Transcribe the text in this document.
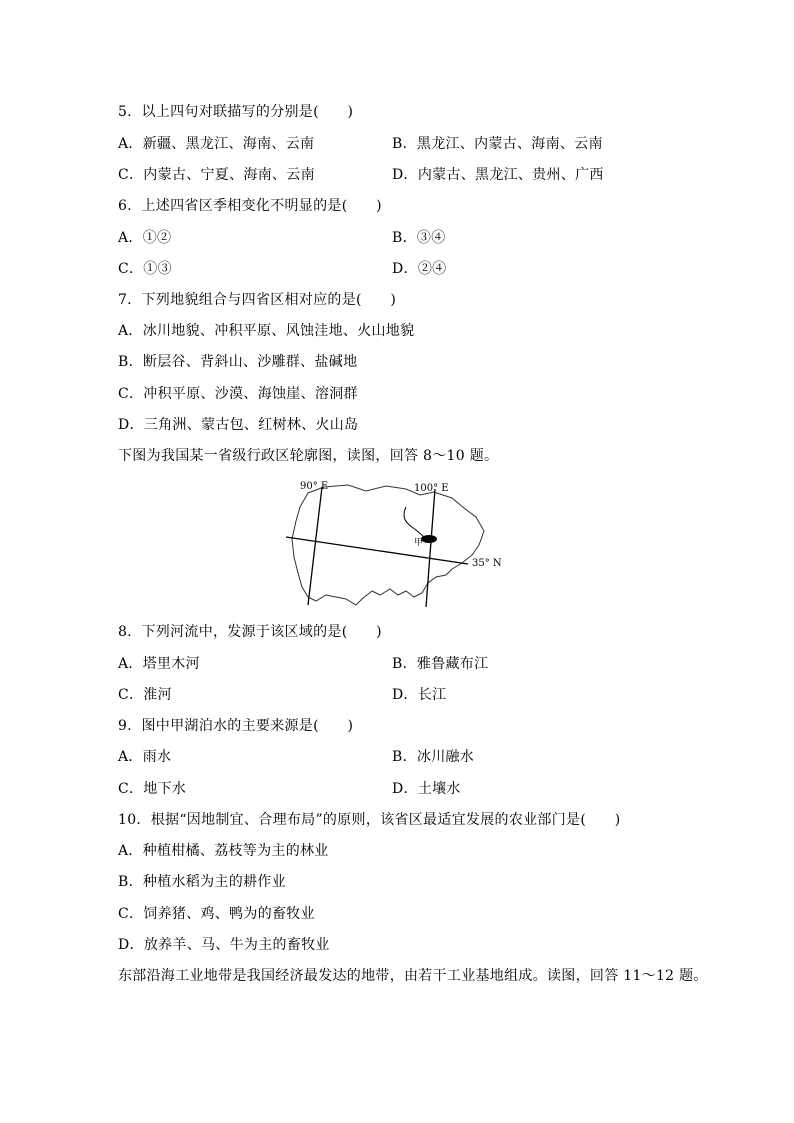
5．以上四句对联描写的分别是(　　)
A．新疆、黑龙江、海南、云南	B．黑龙江、内蒙古、海南、云南
C．内蒙古、宁夏、海南、云南	D．内蒙古、黑龙江、贵州、广西
6．上述四省区季相变化不明显的是(　　)
A．①②	B．③④
C．①③	D．②④
7．下列地貌组合与四省区相对应的是(　　)
A．冰川地貌、冲积平原、风蚀洼地、火山地貌
B．断层谷、背斜山、沙雕群、盐碱地
C．冲积平原、沙漠、海蚀崖、溶洞群
D．三角洲、蒙古包、红树林、火山岛
下图为我国某一省级行政区轮廓图，读图，回答 8～10 题。
90° E	100° E
35° N
甲
8．下列河流中，发源于该区域的是(　　)
A．塔里木河	B．雅鲁藏布江
C．淮河	D．长江
9．图中甲湖泊水的主要来源是(　　)
A．雨水	B．冰川融水
C．地下水	D．土壤水
10．根据“因地制宜、合理布局”的原则，该省区最适宜发展的农业部门是(　　)
A．种植柑橘、荔枝等为主的林业
B．种植水稻为主的耕作业
C．饲养猪、鸡、鸭为的畜牧业
D．放养羊、马、牛为主的畜牧业
东部沿海工业地带是我国经济最发达的地带，由若干工业基地组成。读图，回答 11～12 题。
